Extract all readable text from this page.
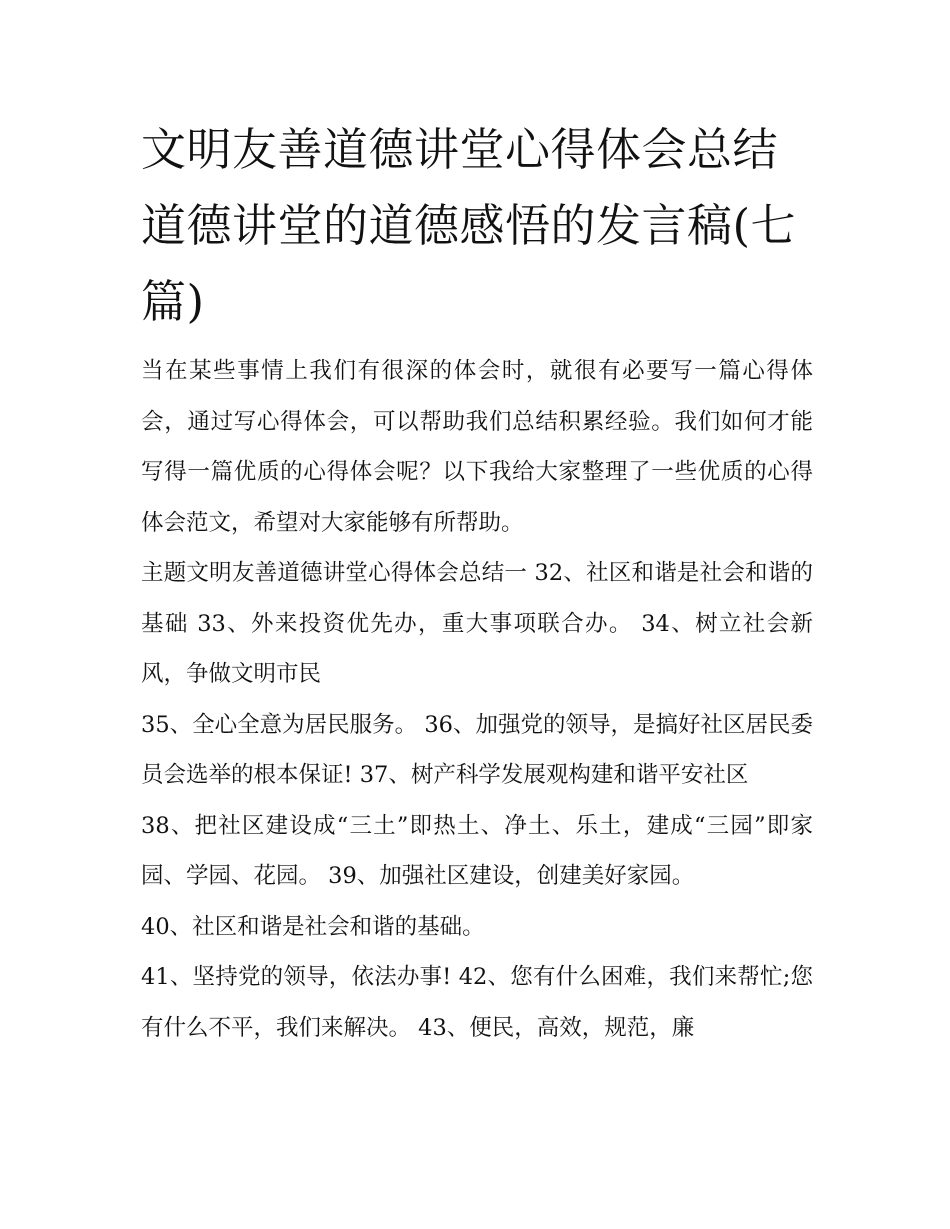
文明友善道德讲堂心得体会总结 道德讲堂的道德感悟的发言稿(七篇)

当在某些事情上我们有很深的体会时，就很有必要写一篇心得体会，通过写心得体会，可以帮助我们总结积累经验。我们如何才能写得一篇优质的心得体会呢？以下我给大家整理了一些优质的心得体会范文，希望对大家能够有所帮助。

主题文明友善道德讲堂心得体会总结一 32、社区和谐是社会和谐的基础 33、外来投资优先办，重大事项联合办。 34、树立社会新风，争做文明市民

35、全心全意为居民服务。 36、加强党的领导，是搞好社区居民委员会选举的根本保证! 37、树产科学发展观构建和谐平安社区

38、把社区建设成“三土”即热土、净土、乐土，建成“三园”即家园、学园、花园。 39、加强社区建设，创建美好家园。

40、社区和谐是社会和谐的基础。

41、坚持党的领导，依法办事! 42、您有什么困难，我们来帮忙;您有什么不平，我们来解决。 43、便民，高效，规范，廉
